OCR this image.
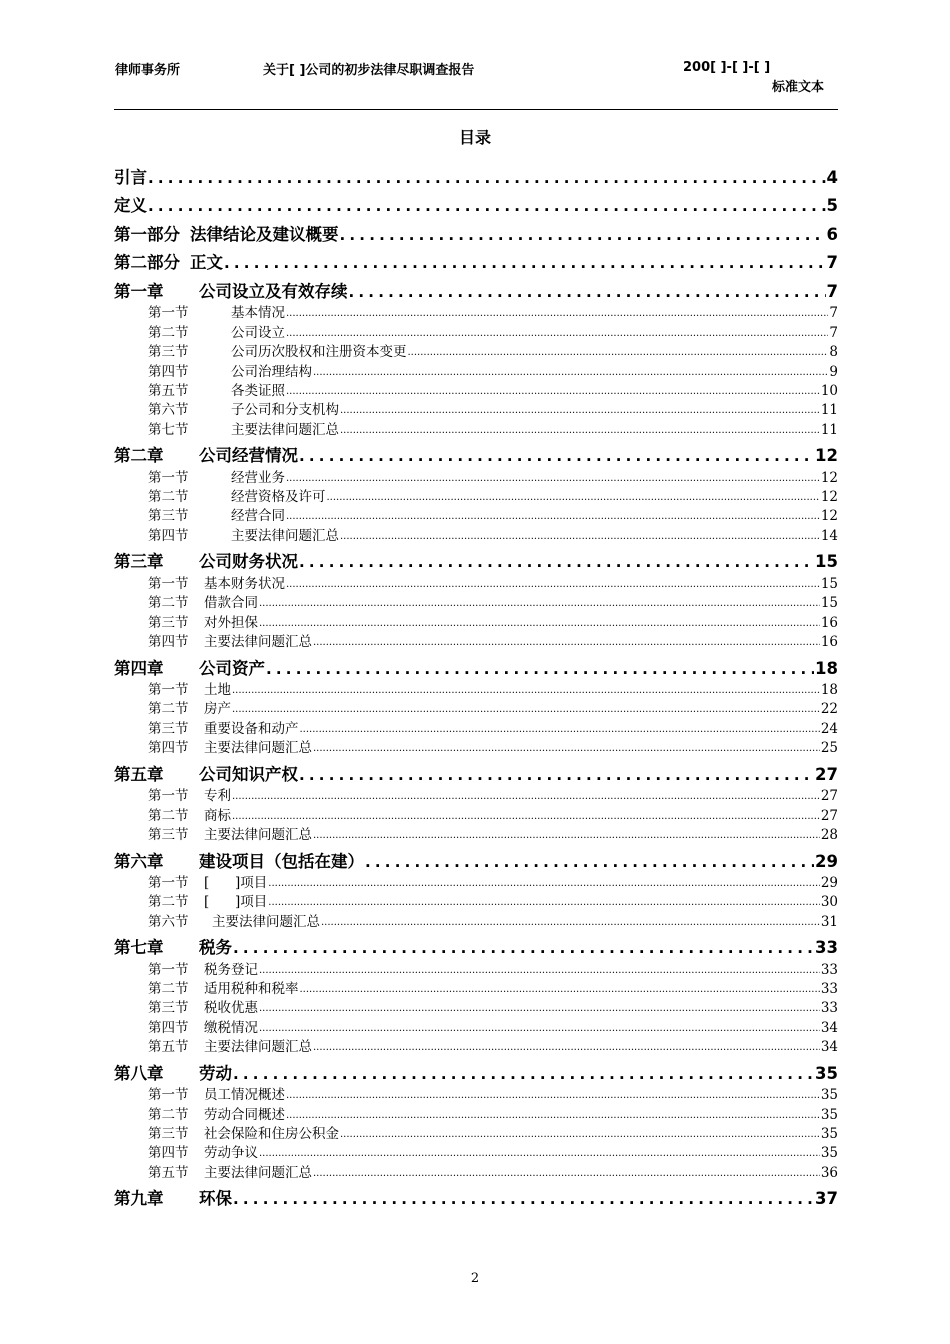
律师事务所	关于[ ]公司的初步法律尽职调查报告	200[ ]-[ ]-[ ]
标准文本
目录
引言 .....	4
定义 .....	5
第一部分 法律结论及建议概要 .....	6
第二部分 正文 .....	7
第一章	公司设立及有效存续 .....	7
第一节	基本情况 .....	7
第二节	公司设立 .....	7
第三节	公司历次股权和注册资本变更 .....	8
第四节	公司治理结构 .....	9
第五节	各类证照 .....	10
第六节	子公司和分支机构 .....	11
第七节	主要法律问题汇总 .....	11
第二章	公司经营情况 .....	12
第一节	经营业务 .....	12
第二节	经营资格及许可 .....	12
第三节	经营合同 .....	12
第四节	主要法律问题汇总 .....	14
第三章	公司财务状况 .....	15
第一节	基本财务状况 .....	15
第二节	借款合同 .....	15
第三节	对外担保 .....	16
第四节	主要法律问题汇总 .....	16
第四章	公司资产 .....	18
第一节	土地 .....	18
第二节	房产 .....	22
第三节	重要设备和动产 .....	24
第四节	主要法律问题汇总 .....	25
第五章	公司知识产权 .....	27
第一节	专利 .....	27
第二节	商标 .....	27
第三节	主要法律问题汇总 .....	28
第六章	建设项目（包括在建） .....	29
第一节	[      ]项目 .....	29
第二节	[      ]项目 .....	30
第六节	主要法律问题汇总 .....	31
第七章	税务 .....	33
第一节	税务登记 .....	33
第二节	适用税种和税率 .....	33
第三节	税收优惠 .....	33
第四节	缴税情况 .....	34
第五节	主要法律问题汇总 .....	34
第八章	劳动 .....	35
第一节	员工情况概述 .....	35
第二节	劳动合同概述 .....	35
第三节	社会保险和住房公积金 .....	35
第四节	劳动争议 .....	35
第五节	主要法律问题汇总 .....	36
第九章	环保 .....	37
2
